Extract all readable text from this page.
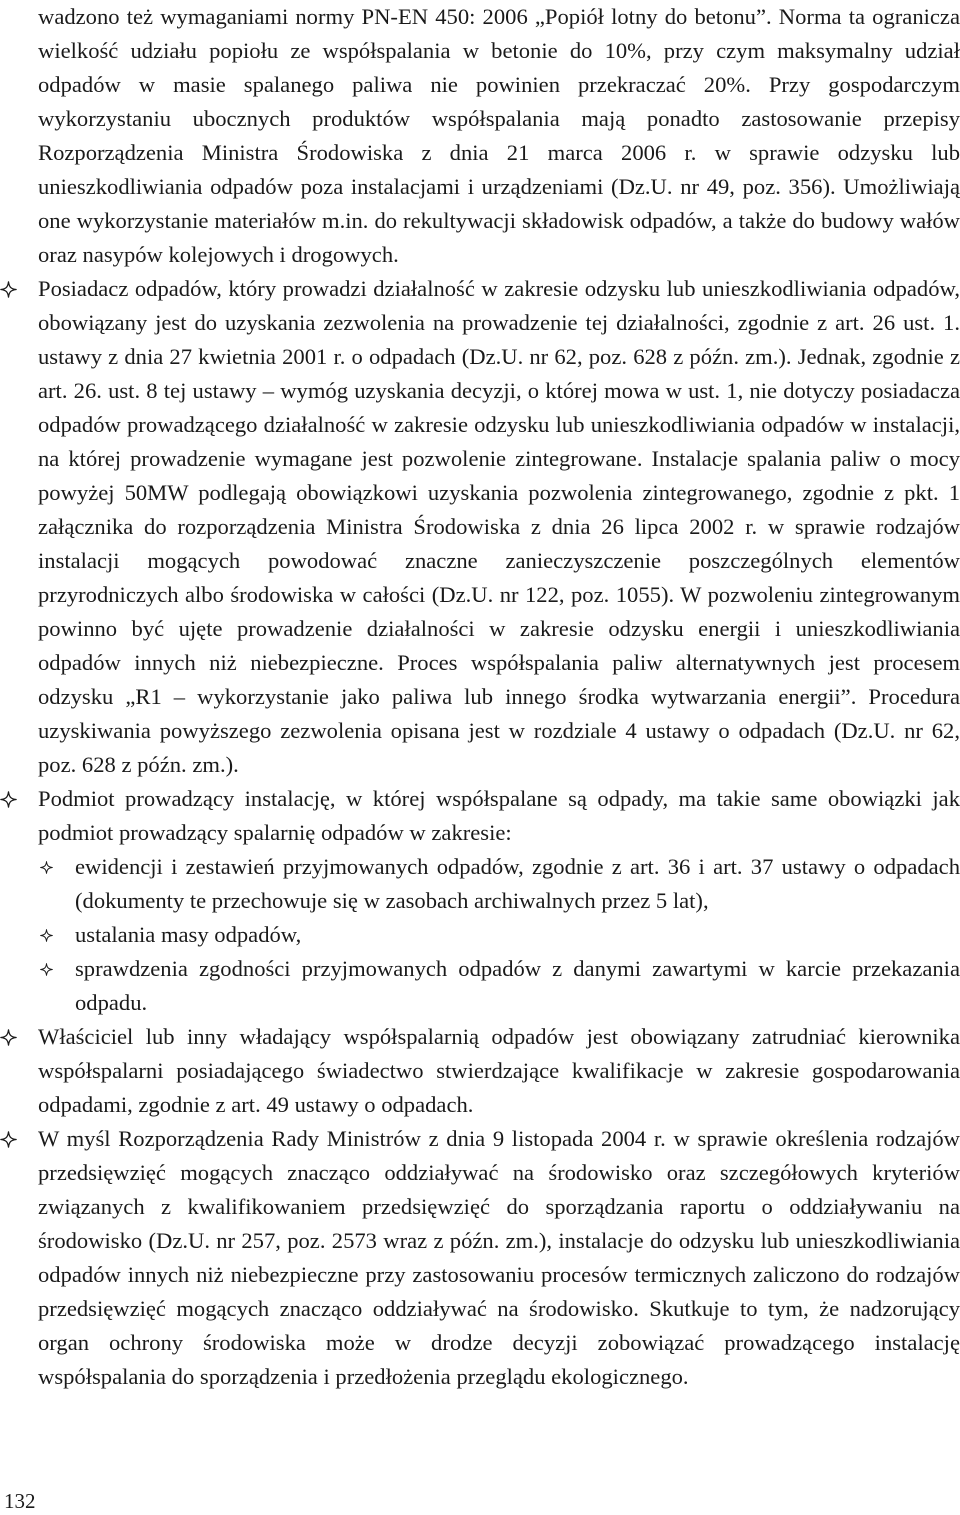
wadzono też wymaganiami normy PN-EN 450: 2006 „Popiół lotny do betonu”. Norma ta ogranicza wielkość udziału popiołu ze współspalania w betonie do 10%, przy czym maksymalny udział odpadów w masie spalanego paliwa nie powinien przekraczać 20%. Przy gospodarczym wykorzystaniu ubocznych produktów współspalania mają ponadto zastosowanie przepisy Rozporządzenia Ministra Środowiska z dnia 21 marca 2006 r. w sprawie odzysku lub unieszkodliwiania odpadów poza instalacjami i urządzeniami (Dz.U. nr 49, poz. 356). Umożliwiają one wykorzystanie materiałów m.in. do rekultywacji składowisk odpadów, a także do budowy wałów oraz nasypów kolejowych i drogowych.

Posiadacz odpadów, który prowadzi działalność w zakresie odzysku lub unieszkodliwiania odpadów, obowiązany jest do uzyskania zezwolenia na prowadzenie tej działalności, zgodnie z art. 26 ust. 1. ustawy z dnia 27 kwietnia 2001 r. o odpadach (Dz.U. nr 62, poz. 628 z późn. zm.). Jednak, zgodnie z art. 26. ust. 8 tej ustawy – wymóg uzyskania decyzji, o której mowa w ust. 1, nie dotyczy posiadacza odpadów prowadzącego działalność w zakresie odzysku lub unieszkodliwiania odpadów w instalacji, na której prowadzenie wymagane jest pozwolenie zintegrowane. Instalacje spalania paliw o mocy powyżej 50MW podlegają obowiązkowi uzyskania pozwolenia zintegrowanego, zgodnie z pkt. 1 załącznika do rozporządzenia Ministra Środowiska z dnia 26 lipca 2002 r. w sprawie rodzajów instalacji mogących powodować znaczne zanieczyszczenie poszczególnych elementów przyrodniczych albo środowiska w całości (Dz.U. nr 122, poz. 1055). W pozwoleniu zintegrowanym powinno być ujęte prowadzenie działalności w zakresie odzysku energii i unieszkodliwiania odpadów innych niż niebezpieczne. Proces współspalania paliw alternatywnych jest procesem odzysku „R1 – wykorzystanie jako paliwa lub innego środka wytwarzania energii”. Procedura uzyskiwania powyższego zezwolenia opisana jest w rozdziale 4 ustawy o odpadach (Dz.U. nr 62, poz. 628 z późn. zm.).
Podmiot prowadzący instalację, w której współspalane są odpady, ma takie same obowiązki jak podmiot prowadzący spalarnię odpadów w zakresie:
ewidencji i zestawień przyjmowanych odpadów, zgodnie z art. 36 i art. 37 ustawy o odpadach (dokumenty te przechowuje się w zasobach archiwalnych przez 5 lat),
ustalania masy odpadów,
sprawdzenia zgodności przyjmowanych odpadów z danymi zawartymi w karcie przekazania odpadu.
Właściciel lub inny władający współspalarnią odpadów jest obowiązany zatrudniać kierownika współspalarni posiadającego świadectwo stwierdzające kwalifikacje w zakresie gospodarowania odpadami, zgodnie z art. 49 ustawy o odpadach.
W myśl Rozporządzenia Rady Ministrów z dnia 9 listopada 2004 r. w sprawie określenia rodzajów przedsięwzięć mogących znacząco oddziaływać na środowisko oraz szczegółowych kryteriów związanych z kwalifikowaniem przedsięwzięć do sporządzania raportu o oddziaływaniu na środowisko (Dz.U. nr 257, poz. 2573 wraz z późn. zm.), instalacje do odzysku lub unieszkodliwiania odpadów innych niż niebezpieczne przy zastosowaniu procesów termicznych zaliczono do rodzajów przedsięwzięć mogących znacząco oddziaływać na środowisko. Skutkuje to tym, że nadzorujący organ ochrony środowiska może w drodze decyzji zobowiązać prowadzącego instalację współspalania do sporządzenia i przedłożenia przeglądu ekologicznego.
132
